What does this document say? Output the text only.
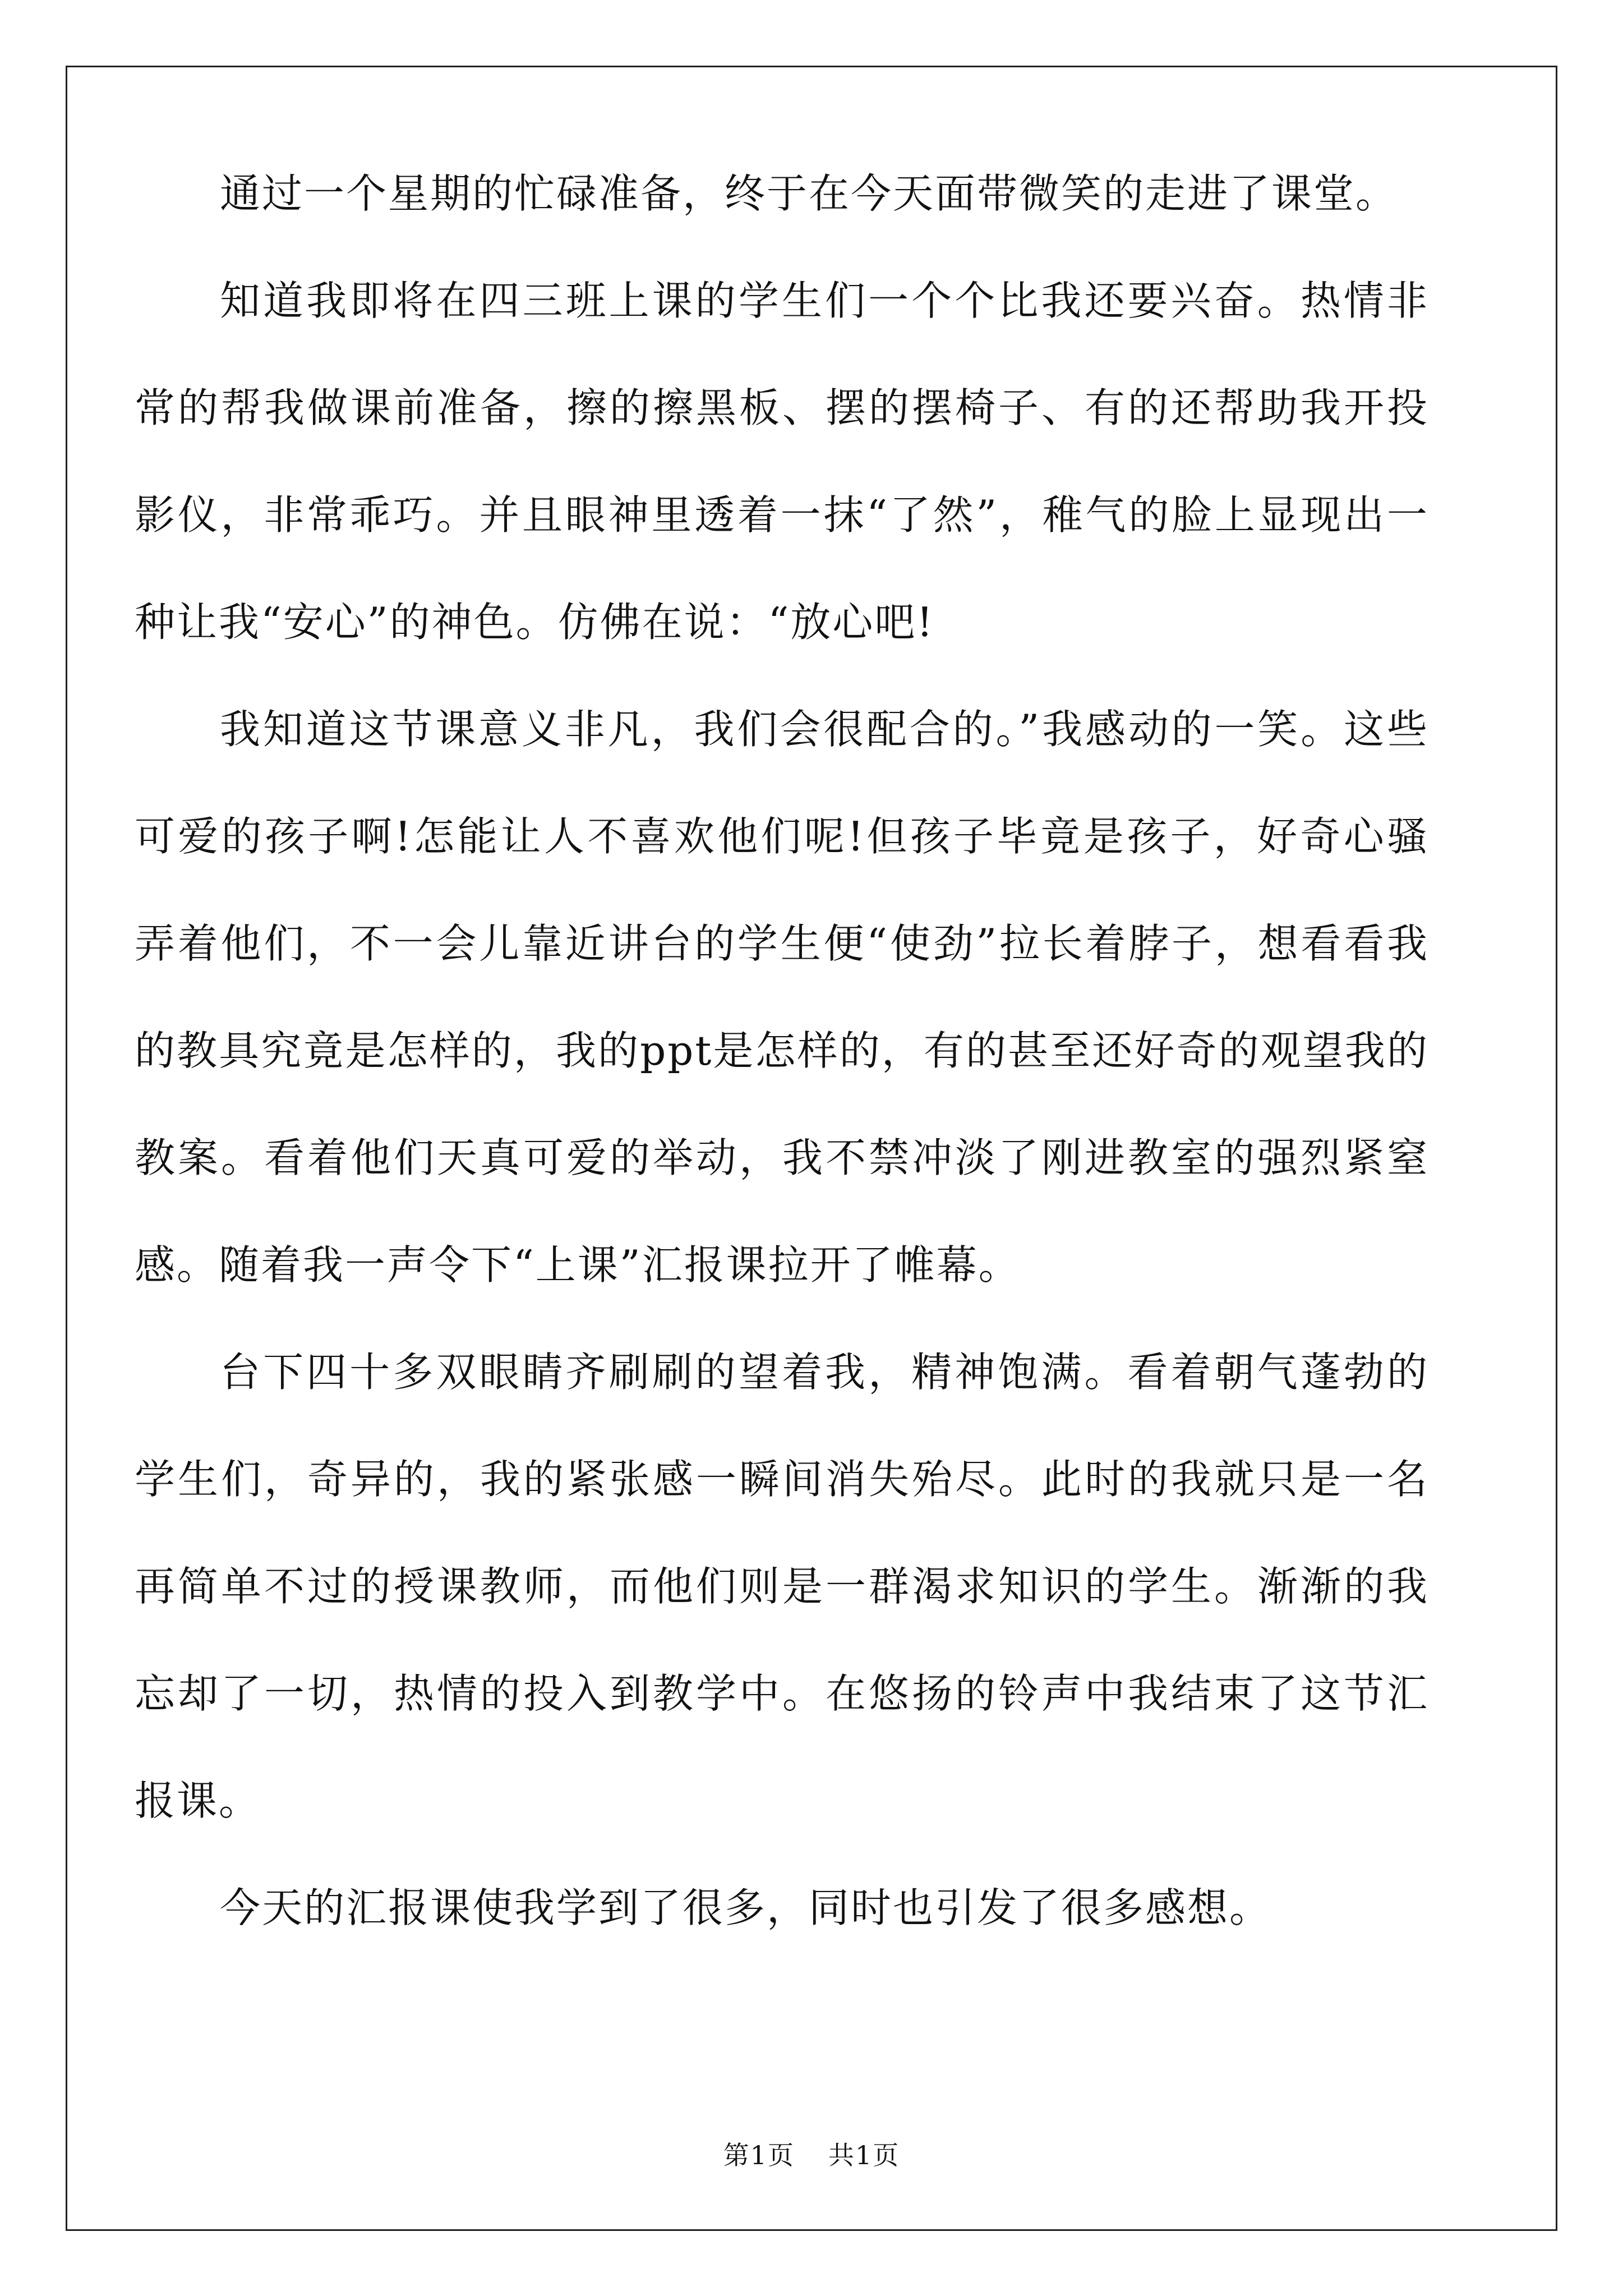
通过一个星期的忙碌准备，终于在今天面带微笑的走进了课堂。

知道我即将在四三班上课的学生们一个个比我还要兴奋。热情非常的帮我做课前准备，擦的擦黑板、摆的摆椅子、有的还帮助我开投影仪，非常乖巧。并且眼神里透着一抹“了然”，稚气的脸上显现出一种让我“安心”的神色。仿佛在说：“放心吧!

我知道这节课意义非凡，我们会很配合的。”我感动的一笑。这些可爱的孩子啊!怎能让人不喜欢他们呢!但孩子毕竟是孩子，好奇心骚弄着他们，不一会儿靠近讲台的学生便“使劲”拉长着脖子，想看看我的教具究竟是怎样的，我的ppt是怎样的，有的甚至还好奇的观望我的教案。看着他们天真可爱的举动，我不禁冲淡了刚进教室的强烈紧窒感。随着我一声令下“上课”汇报课拉开了帷幕。

台下四十多双眼睛齐刷刷的望着我，精神饱满。看着朝气蓬勃的学生们，奇异的，我的紧张感一瞬间消失殆尽。此时的我就只是一名再简单不过的授课教师，而他们则是一群渴求知识的学生。渐渐的我忘却了一切，热情的投入到教学中。在悠扬的铃声中我结束了这节汇报课。

今天的汇报课使我学到了很多，同时也引发了很多感想。

第1页 共1页
